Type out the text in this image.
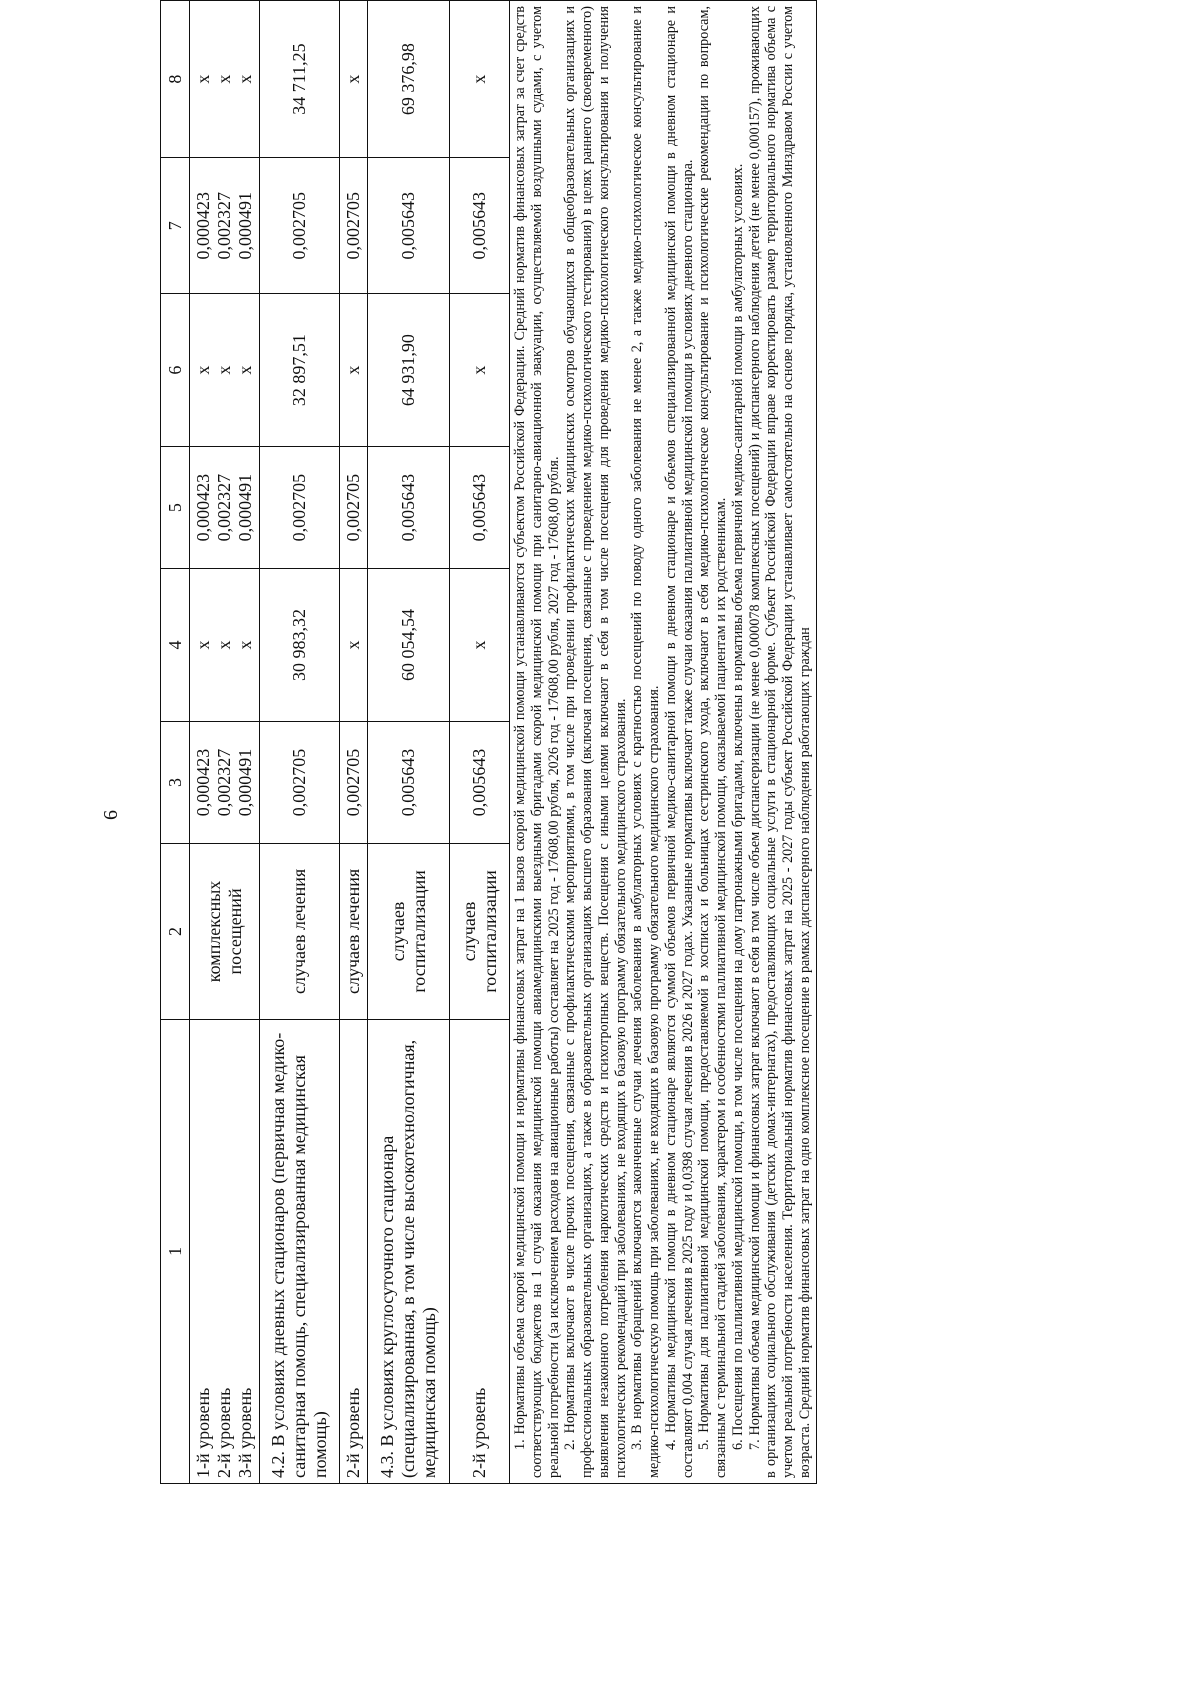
6
1	2	3	4	5	6	7	8

1-й уровень 2-й уровень 3-й уровень	комплексных посещений	0,000423 0,002327 0,000491	х х х	0,000423 0,002327 0,000491	х х х	0,000423 0,002327 0,000491	х х х

4.2. В условиях дневных стационаров (первичная медико-санитарная помощь, специализированная медицинская помощь)	случаев лечения	0,002705	30 983,32	0,002705	32 897,51	0,002705	34 711,25
2-й уровень	случаев лечения	0,002705	х	0,002705	х	0,002705	х
4.3. В условиях круглосуточного стационара (специализированная, в том числе высокотехнологичная, медицинская помощь)	случаев госпитализации	0,005643	60 054,54	0,005643	64 931,90	0,005643	69 376,98
2-й уровень	случаев госпитализации	0,005643	х	0,005643	х	0,005643	х 1. Нормативы объема скорой медицинской помощи и нормативы финансовых затрат на 1 вызов скорой медицинской помощи устанавливаются субъектом Российской Федерации. Средний норматив финансовых затрат за счет средств соответствующих бюджетов на 1 случай оказания медицинской помощи авиамедицинскими выездными бригадами скорой медицинской помощи при санитарно-авиационной эвакуации, осуществляемой воздушными судами, с учетом реальной потребности (за исключением расходов на авиационные работы) составляет на 2025 год - 17608,00 рубля, 2026 год - 17608,00 рубля, 2027 год - 17608,00 рубля. 2. Нормативы включают в числе прочих посещения, связанные с профилактическими мероприятиями, в том числе при проведении профилактических медицинских осмотров обучающихся в общеобразовательных организациях и профессиональных образовательных организациях, а также в образовательных организациях высшего образования (включая посещения, связанные с проведением медико-психологического тестирования) в целях раннего (своевременного) выявления незаконного потребления наркотических средств и психотропных веществ. Посещения с иными целями включают в себя в том числе посещения для проведения медико-психологического консультирования и получения психологических рекомендаций при заболеваниях, не входящих в базовую программу обязательного медицинского страхования. 3. В нормативы обращений включаются законченные случаи лечения заболевания в амбулаторных условиях с кратностью посещений по поводу одного заболевания не менее 2, а также медико-психологическое консультирование и медико-психологическую помощь при заболеваниях, не входящих в базовую программу обязательного медицинского страхования. 4. Нормативы медицинской помощи в дневном стационаре являются суммой объемов первичной медико-санитарной помощи в дневном стационаре и объемов специализированной медицинской помощи в дневном стационаре и составляют 0,004 случая лечения в 2025 году и 0,0398 случая лечения в 2026 и 2027 годах. Указанные нормативы включают также случаи оказания паллиативной медицинской помощи в условиях дневного стационара. 5. Нормативы для паллиативной медицинской помощи, предоставляемой в хосписах и больницах сестринского ухода, включают в себя медико-психологическое консультирование и психологические рекомендации по вопросам, связанным с терминальной стадией заболевания, характером и особенностями паллиативной медицинской помощи, оказываемой пациентам и их родственникам. 6. Посещения по паллиативной медицинской помощи, в том числе посещения на дому патронажными бригадами, включены в нормативы объема первичной медико-санитарной помощи в амбулаторных условиях. 7. Нормативы объема медицинской помощи и финансовых затрат включают в себя в том числе объем диспансеризации (не менее 0,000078 комплексных посещений) и диспансерного наблюдения детей (не менее 0,000157), проживающих в организациях социального обслуживания (детских домах-интернатах), предоставляющих социальные услуги в стационарной форме. Субъект Российской Федерации вправе корректировать размер территориального норматива объема с учетом реальной потребности населения. Территориальный норматив финансовых затрат на 2025 - 2027 годы субъект Российской Федерации устанавливает самостоятельно на основе порядка, установленного Минздравом России с учетом возраста. Средний норматив финансовых затрат на одно комплексное посещение в рамках диспансерного наблюдения работающих граждан
